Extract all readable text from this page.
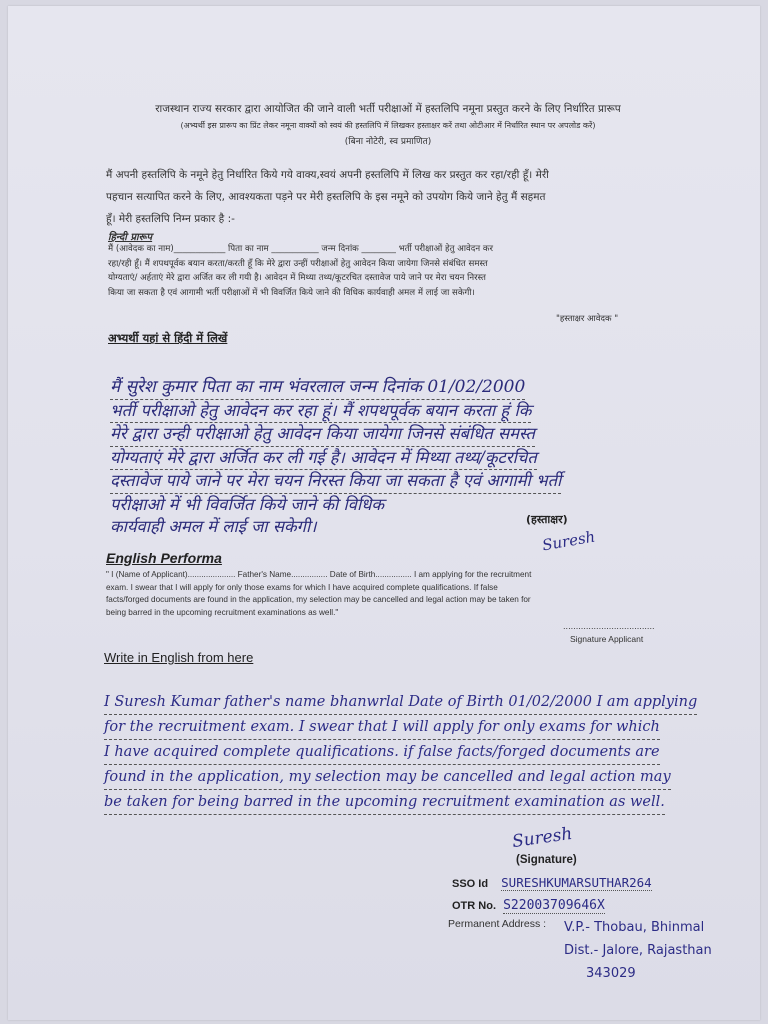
राजस्थान राज्य सरकार द्वारा आयोजित की जाने वाली भर्ती परीक्षाओं में हस्तलिपि नमूना प्रस्तुत करने के लिए निर्धारित प्रारूप
(अभ्यर्थी इस प्रारूप का प्रिंट लेकर नमूना वाक्यों को स्वयं की हस्तलिपि में लिखकर हस्ताक्षर करें तथा ओटीआर में निर्धारित स्थान पर अपलोड करें)
(बिना नोटेरी, स्व प्रमाणित)
मैं अपनी हस्तलिपि के नमूने हेतु निर्धारित किये गये वाक्य,स्वयं अपनी हस्तलिपि में लिख कर प्रस्तुत कर रहा/रही हूँ। मेरी
पहचान सत्यापित करने के लिए, आवश्यकता पड़ने पर मेरी हस्तलिपि के इस नमूने को उपयोग किये जाने हेतु मैं सहमत
हूँ। मेरी हस्तलिपि निम्न प्रकार है :-
हिन्दी प्रारूप
मैं (आवेदक का नाम)____________ पिता का नाम ___________ जन्म दिनांक ________ भर्ती परीक्षाओं हेतु आवेदन कर
रहा/रही हूँ। मैं शपथपूर्वक बयान करता/करती हूँ कि मेरे द्वारा उन्हीं परीक्षाओं हेतु आवेदन किया जायेगा जिनसे संबंधित समस्त
योग्यताएं/ अर्हताएं मेरे द्वारा अर्जित कर ली गयी है। आवेदन में मिथ्या तथ्य/कूटरचित दस्तावेज पाये जाने पर मेरा चयन निरस्त
किया जा सकता है एवं आगामी भर्ती परीक्षाओं में भी विवर्जित किये जाने की विधिक कार्यवाही अमल में लाई जा सकेगी।
"हस्ताक्षर आवेदक "
अभ्यर्थी यहां से हिंदी में लिखें
मैं सुरेश कुमार पिता का नाम भंवरलाल जन्म दिनांक 01/02/2000
भर्ती परीक्षाओ हेतु आवेदन कर रहा हूं। मैं शपथपूर्वक बयान करता हूं कि
मेरे द्वारा उन्ही परीक्षाओ हेतु आवेदन किया जायेगा जिनसे संबंधित समस्त
योग्यताएं मेरे द्वारा अर्जित कर ली गई है। आवेदन में मिथ्या तथ्य/कूटरचित
दस्तावेज पाये जाने पर मेरा चयन निरस्त किया जा सकता है एवं आगामी भर्ती
परीक्षाओ में भी विवर्जित किये जाने की विधिक
कार्यवाही अमल में लाई जा सकेगी।	(हस्ताक्षर)
Suresh
English Performa
" I (Name of Applicant)..................... Father's Name................ Date of Birth................ I am applying for the recruitment
exam. I swear that I will apply for only those exams for which I have acquired complete qualifications. If false
facts/forged documents are found in the application, my selection may be cancelled and legal action may be taken for
being barred in the upcoming recruitment examinations as well."
....................................
Signature Applicant
Write in English from here
I Suresh Kumar father's name bhanwrlal Date of Birth 01/02/2000 I am applying
for the recruitment exam. I swear that I will apply for only exams for which
I have acquired complete qualifications. if false facts/forged documents are
found in the application, my selection may be cancelled and legal action may
be taken for being barred in the upcoming recruitment examination as well.
Suresh
(Signature)
SSO Id SURESHKUMARSUTHAR264
OTR No. S22003709646X
Permanent Address : V.P.- Thobau, Bhinmal
Dist.- Jalore, Rajasthan
343029
